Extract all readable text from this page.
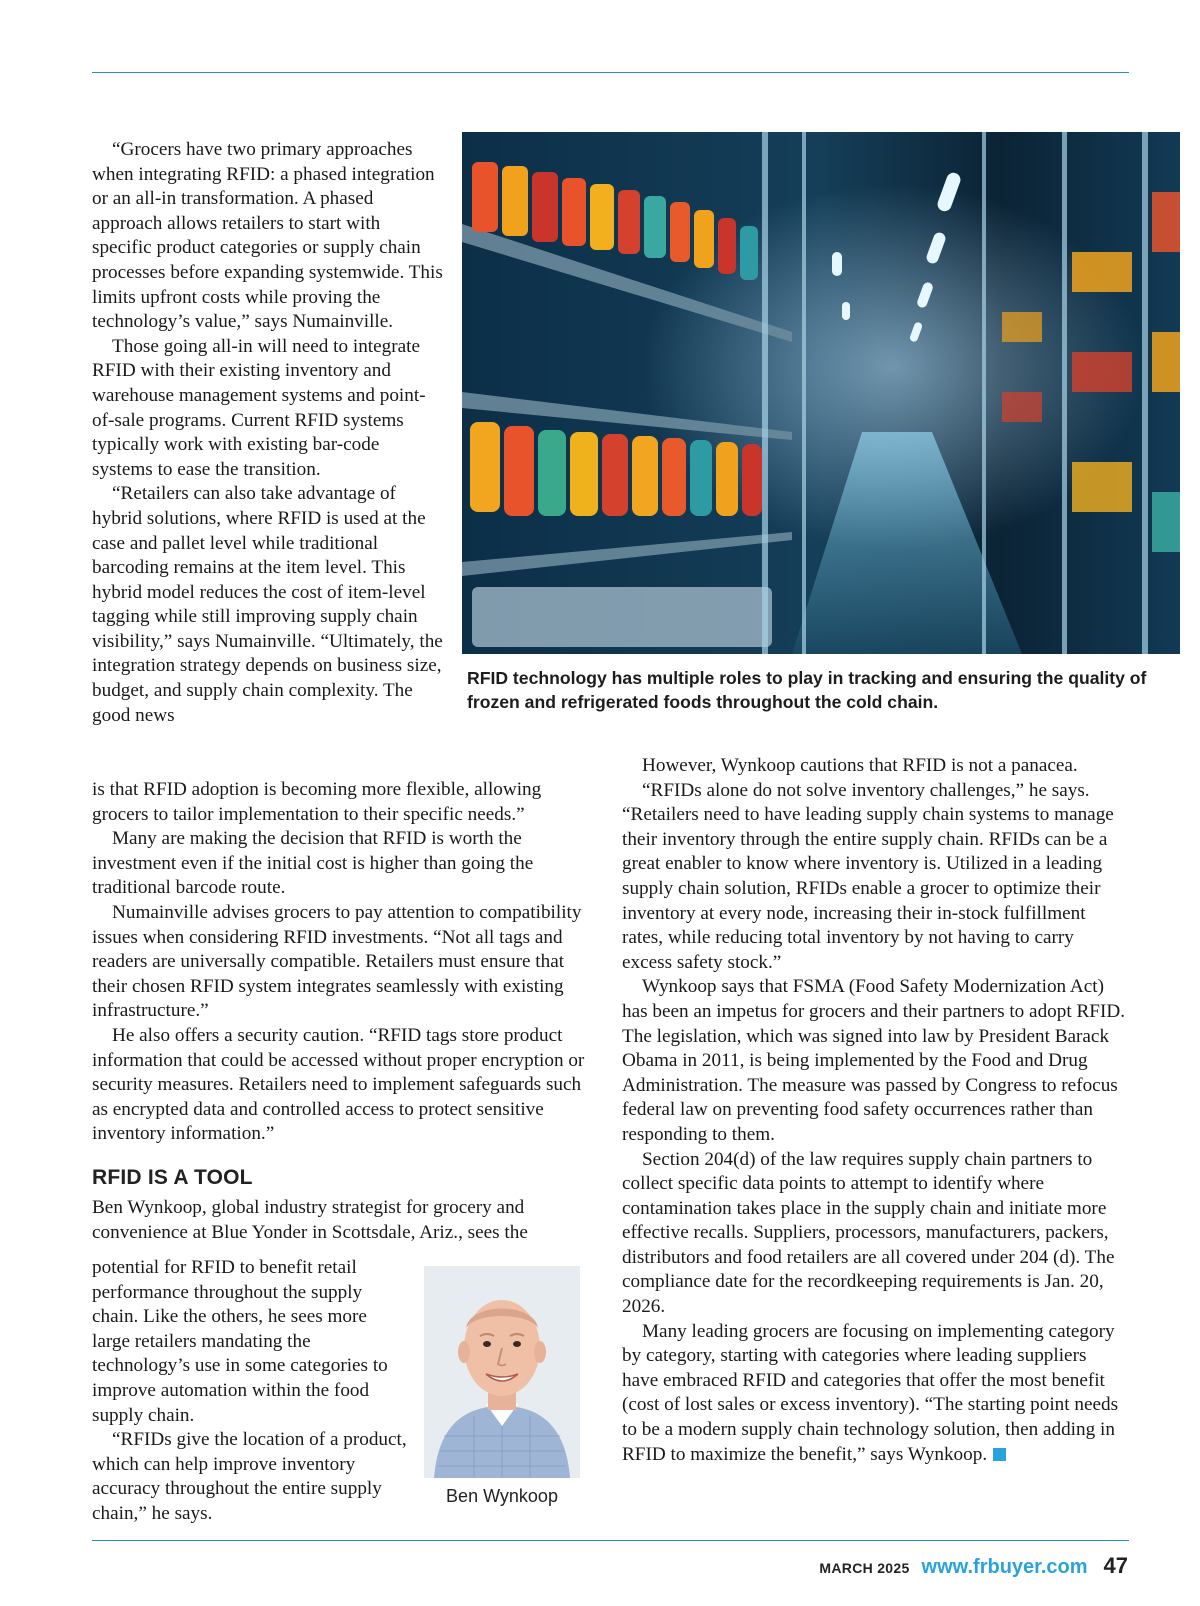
“Grocers have two primary approaches when integrating RFID: a phased integration or an all-in transformation. A phased approach allows retailers to start with specific product categories or supply chain processes before expanding systemwide. This limits upfront costs while proving the technology’s value,” says Numainville.

Those going all-in will need to integrate RFID with their existing inventory and warehouse management systems and point-of-sale programs. Current RFID systems typically work with existing bar-code systems to ease the transition.

“Retailers can also take advantage of hybrid solutions, where RFID is used at the case and pallet level while traditional barcoding remains at the item level. This hybrid model reduces the cost of item-level tagging while still improving supply chain visibility,” says Numainville. “Ultimately, the integration strategy depends on business size, budget, and supply chain complexity. The good news

RFID technology has multiple roles to play in tracking and ensuring the quality of frozen and refrigerated foods throughout the cold chain.

is that RFID adoption is becoming more flexible, allowing grocers to tailor implementation to their specific needs.”

Many are making the decision that RFID is worth the investment even if the initial cost is higher than going the traditional barcode route.

Numainville advises grocers to pay attention to compatibility issues when considering RFID investments. “Not all tags and readers are universally compatible. Retailers must ensure that their chosen RFID system integrates seamlessly with existing infrastructure.”

He also offers a security caution. “RFID tags store product information that could be accessed without proper encryption or security measures. Retailers need to implement safeguards such as encrypted data and controlled access to protect sensitive inventory information.”

RFID IS A TOOL

Ben Wynkoop, global industry strategist for grocery and convenience at Blue Yonder in Scottsdale, Ariz., sees the

potential for RFID to benefit retail performance throughout the supply chain. Like the others, he sees more large retailers mandating the technology’s use in some categories to improve automation within the food supply chain.

“RFIDs give the location of a product, which can help improve inventory accuracy throughout the entire supply chain,” he says.

Ben Wynkoop

However, Wynkoop cautions that RFID is not a panacea.

“RFIDs alone do not solve inventory challenges,” he says. “Retailers need to have leading supply chain systems to manage their inventory through the entire supply chain. RFIDs can be a great enabler to know where inventory is. Utilized in a leading supply chain solution, RFIDs enable a grocer to optimize their inventory at every node, increasing their in-stock fulfillment rates, while reducing total inventory by not having to carry excess safety stock.”

Wynkoop says that FSMA (Food Safety Modernization Act) has been an impetus for grocers and their partners to adopt RFID. The legislation, which was signed into law by President Barack Obama in 2011, is being implemented by the Food and Drug Administration. The measure was passed by Congress to refocus federal law on preventing food safety occurrences rather than responding to them.

Section 204(d) of the law requires supply chain partners to collect specific data points to attempt to identify where contamination takes place in the supply chain and initiate more effective recalls. Suppliers, processors, manufacturers, packers, distributors and food retailers are all covered under 204 (d). The compliance date for the recordkeeping requirements is Jan. 20, 2026.

Many leading grocers are focusing on implementing category by category, starting with categories where leading suppliers have embraced RFID and categories that offer the most benefit (cost of lost sales or excess inventory). “The starting point needs to be a modern supply chain technology solution, then adding in RFID to maximize the benefit,” says Wynkoop.

MARCH 2025 www.frbuyer.com 47
